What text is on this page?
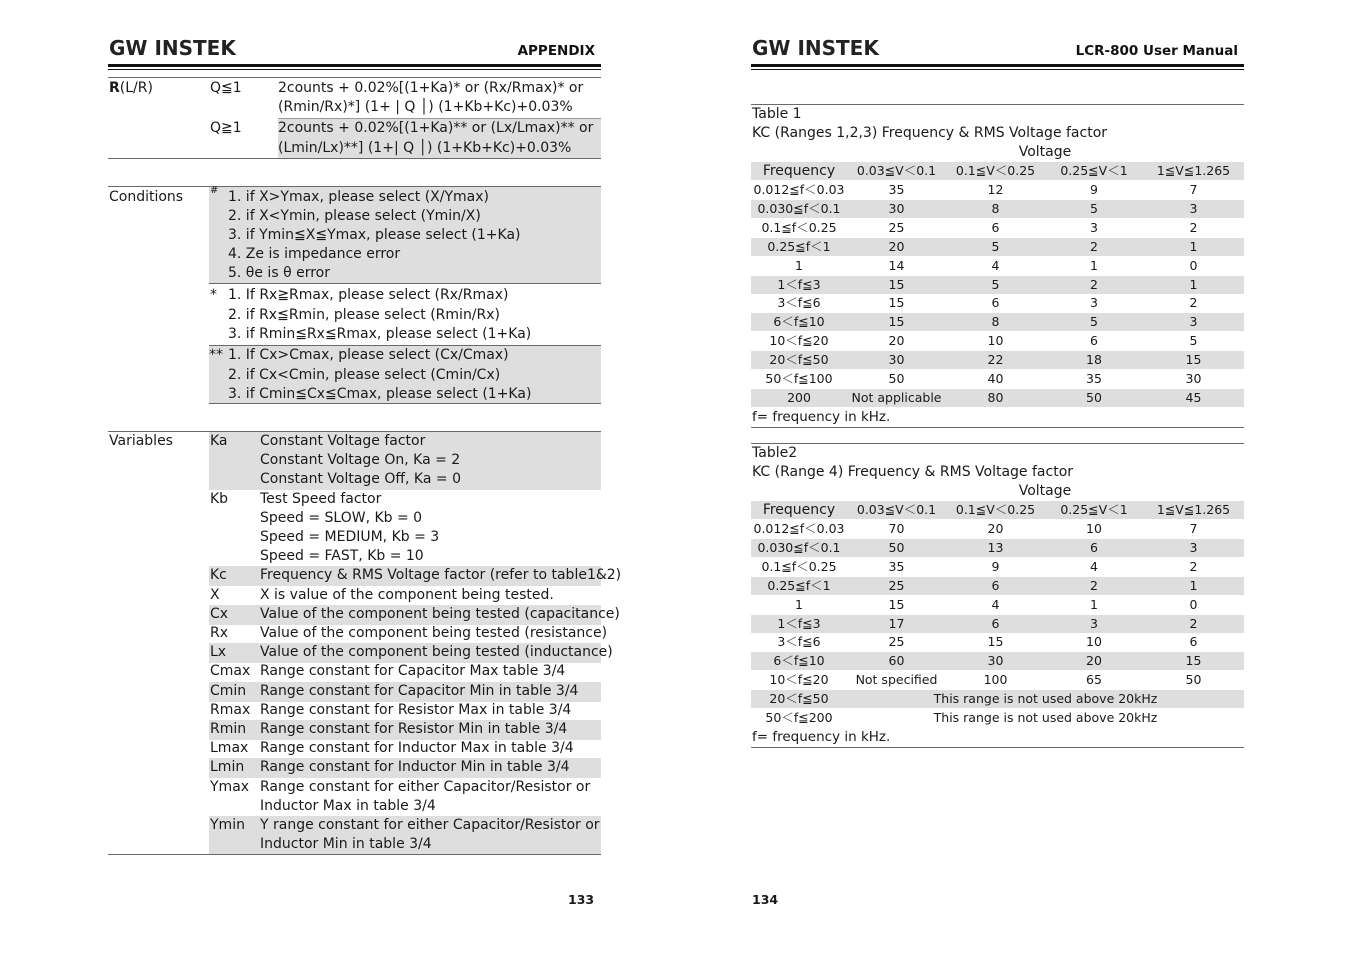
GW INSTEK	APPENDIX
R(L/R)	Q≦1	2counts + 0.02%[(1+Ka)* or (Rx/Rmax)* or
(Rmin/Rx)*] (1+ | Q │) (1+Kb+Kc)+0.03%
Q≧1	2counts + 0.02%[(1+Ka)** or (Lx/Lmax)** or
(Lmin/Lx)**] (1+| Q │) (1+Kb+Kc)+0.03%
Conditions	# 1. if X>Ymax, please select (X/Ymax)
2. if X<Ymin, please select (Ymin/X)
3. if Ymin≦X≦Ymax, please select (1+Ka)
4. Ze is impedance error
5. θe is θ error
* 1. If Rx≧Rmax, please select (Rx/Rmax)
2. if Rx≦Rmin, please select (Rmin/Rx)
3. if Rmin≦Rx≦Rmax, please select (1+Ka)
** 1. If Cx>Cmax, please select (Cx/Cmax)
2. if Cx<Cmin, please select (Cmin/Cx)
3. if Cmin≦Cx≦Cmax, please select (1+Ka)
Variables	Ka Constant Voltage factor
Constant Voltage On, Ka = 2
Constant Voltage Off, Ka = 0
Kb Test Speed factor
Speed = SLOW, Kb = 0
Speed = MEDIUM, Kb = 3
Speed = FAST, Kb = 10
Kc Frequency & RMS Voltage factor (refer to table1&2)
X	X is value of the component being tested.
Cx Value of the component being tested (capacitance)
Rx Value of the component being tested (resistance)
Lx Value of the component being tested (inductance)
Cmax Range constant for Capacitor Max table 3/4
Cmin Range constant for Capacitor Min in table 3/4
Rmax Range constant for Resistor Max in table 3/4
Rmin Range constant for Resistor Min in table 3/4
Lmax Range constant for Inductor Max in table 3/4
Lmin Range constant for Inductor Min in table 3/4
Ymax Range constant for either Capacitor/Resistor or
Inductor Max in table 3/4
Ymin Y range constant for either Capacitor/Resistor or
Inductor Min in table 3/4
133
GW INSTEK	LCR-800 User Manual
Table 1
KC (Ranges 1,2,3) Frequency & RMS Voltage factor
Voltage
Frequency	0.03≦V＜0.1	0.1≦V＜0.25	0.25≦V＜1	1≦V≦1.265
0.012≦f＜0.03	35	12	9	7
0.030≦f＜0.1	30	8	5	3
0.1≦f＜0.25	25	6	3	2
0.25≦f＜1	20	5	2	1
1	14	4	1	0
1＜f≦3	15	5	2	1
3＜f≦6	15	6	3	2
6＜f≦10	15	8	5	3
10＜f≦20	20	10	6	5
20＜f≦50	30	22	18	15
50＜f≦100	50	40	35	30
200	Not applicable	80	50	45
f= frequency in kHz.
Table2
KC (Range 4) Frequency & RMS Voltage factor
Voltage
Frequency	0.03≦V＜0.1	0.1≦V＜0.25	0.25≦V＜1	1≦V≦1.265
0.012≦f＜0.03	70	20	10	7
0.030≦f＜0.1	50	13	6	3
0.1≦f＜0.25	35	9	4	2
0.25≦f＜1	25	6	2	1
1	15	4	1	0
1＜f≦3	17	6	3	2
3＜f≦6	25	15	10	6
6＜f≦10	60	30	20	15
10＜f≦20	Not specified	100	65	50
20＜f≦50	This range is not used above 20kHz
50＜f≦200	This range is not used above 20kHz
f= frequency in kHz.
134
